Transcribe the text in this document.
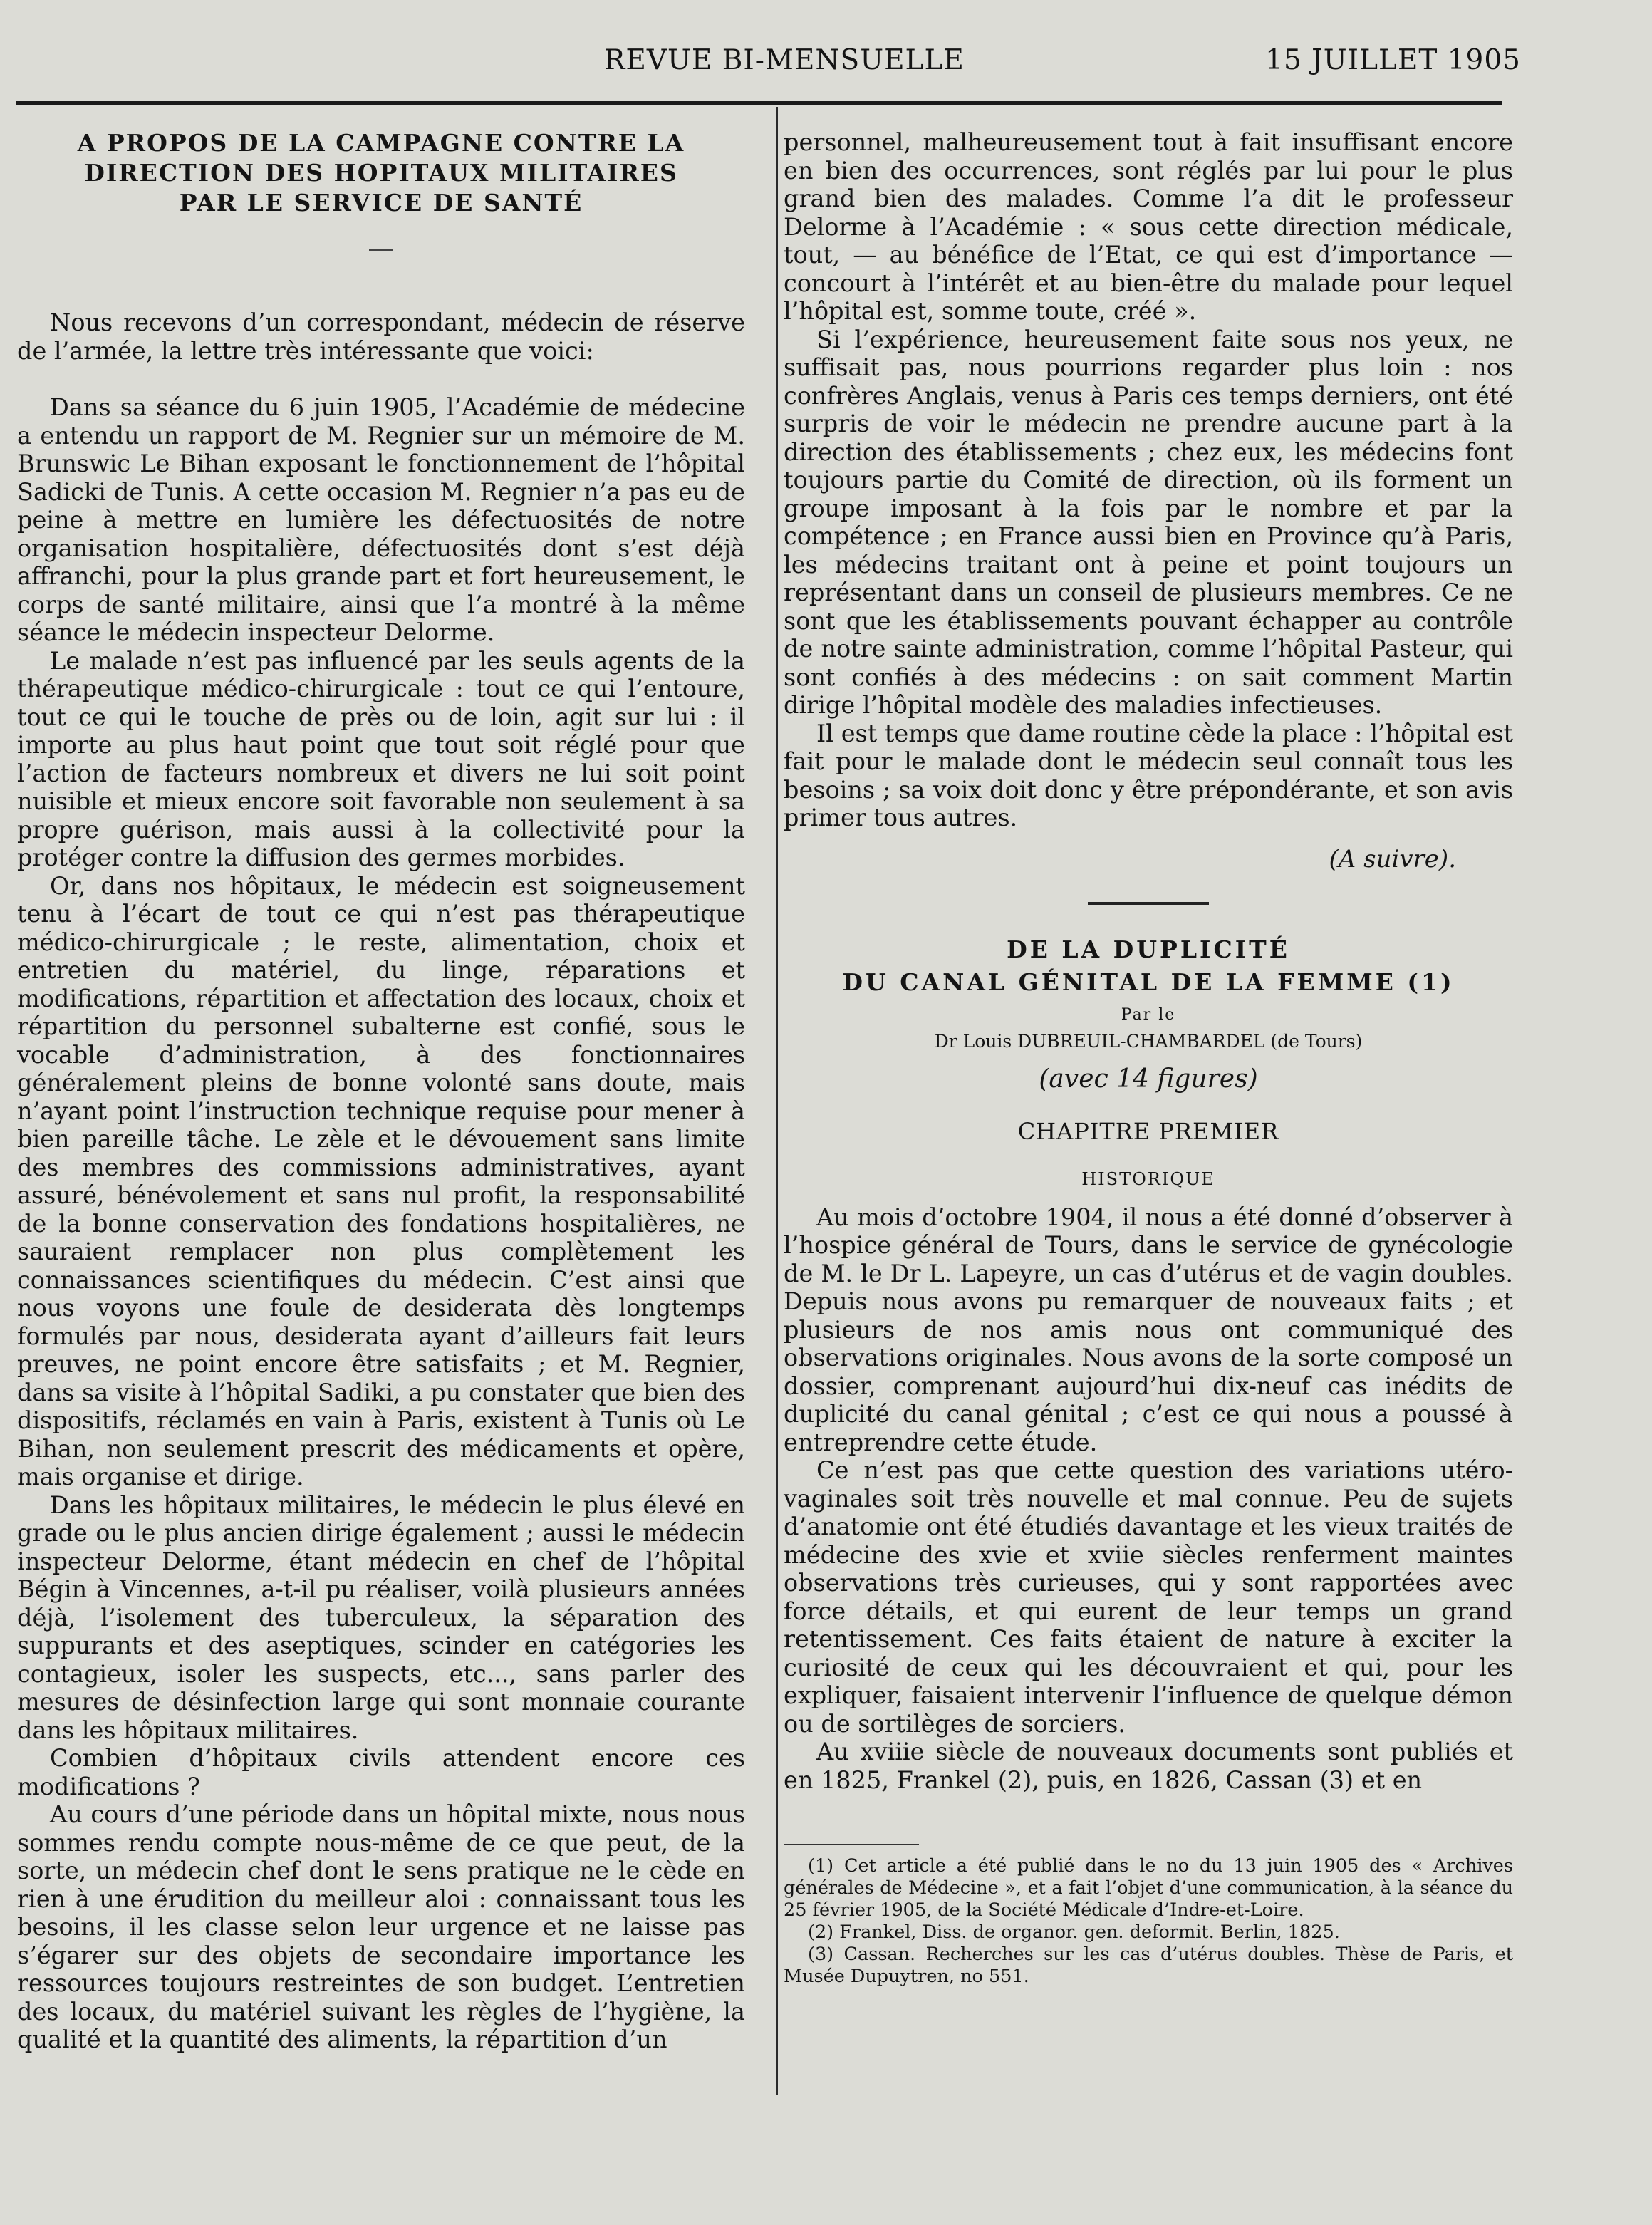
REVUE BI-MENSUELLE	15 JUILLET 1905
A PROPOS DE LA CAMPAGNE CONTRE LA
DIRECTION DES HOPITAUX MILITAIRES
PAR LE SERVICE DE SANTÉ

Nous recevons d’un correspondant, médecin de réserve de l’armée, la lettre très intéressante que voici:

Dans sa séance du 6 juin 1905, l’Académie de médecine a entendu un rapport de M. Regnier sur un mémoire de M. Brunswic Le Bihan exposant le fonctionnement de l’hôpital Sadicki de Tunis. A cette occasion M. Regnier n’a pas eu de peine à mettre en lumière les défectuosités de notre organisation hospitalière, défectuosités dont s’est déjà affranchi, pour la plus grande part et fort heureusement, le corps de santé militaire, ainsi que l’a montré à la même séance le médecin inspecteur Delorme.

Le malade n’est pas influencé par les seuls agents de la thérapeutique médico-chirurgicale : tout ce qui l’entoure, tout ce qui le touche de près ou de loin, agit sur lui : il importe au plus haut point que tout soit réglé pour que l’action de facteurs nombreux et divers ne lui soit point nuisible et mieux encore soit favorable non seulement à sa propre guérison, mais aussi à la collectivité pour la protéger contre la diffusion des germes morbides.

Or, dans nos hôpitaux, le médecin est soigneusement tenu à l’écart de tout ce qui n’est pas thérapeutique médico-chirurgicale ; le reste, alimentation, choix et entretien du matériel, du linge, réparations et modifications, répartition et affectation des locaux, choix et répartition du personnel subalterne est confié, sous le vocable d’administration, à des fonctionnaires généralement pleins de bonne volonté sans doute, mais n’ayant point l’instruction technique requise pour mener à bien pareille tâche. Le zèle et le dévouement sans limite des membres des commissions administratives, ayant assuré, bénévolement et sans nul profit, la responsabilité de la bonne conservation des fondations hospitalières, ne sauraient remplacer non plus complètement les connaissances scientifiques du médecin. C’est ainsi que nous voyons une foule de desiderata dès longtemps formulés par nous, desiderata ayant d’ailleurs fait leurs preuves, ne point encore être satisfaits ; et M. Regnier, dans sa visite à l’hôpital Sadiki, a pu constater que bien des dispositifs, réclamés en vain à Paris, existent à Tunis où Le Bihan, non seulement prescrit des médicaments et opère, mais organise et dirige.

Dans les hôpitaux militaires, le médecin le plus élevé en grade ou le plus ancien dirige également ; aussi le médecin inspecteur Delorme, étant médecin en chef de l’hôpital Bégin à Vincennes, a-t-il pu réaliser, voilà plusieurs années déjà, l’isolement des tuberculeux, la séparation des suppurants et des aseptiques, scinder en catégories les contagieux, isoler les suspects, etc..., sans parler des mesures de désinfection large qui sont monnaie courante dans les hôpitaux militaires.

Combien d’hôpitaux civils attendent encore ces modifications ?

Au cours d’une période dans un hôpital mixte, nous nous sommes rendu compte nous-même de ce que peut, de la sorte, un médecin chef dont le sens pratique ne le cède en rien à une érudition du meilleur aloi : connaissant tous les besoins, il les classe selon leur urgence et ne laisse pas s’égarer sur des objets de secondaire importance les ressources toujours restreintes de son budget. L’entretien des locaux, du matériel suivant les règles de l’hygiène, la qualité et la quantité des aliments, la répartition d’un

personnel, malheureusement tout à fait insuffisant encore en bien des occurrences, sont réglés par lui pour le plus grand bien des malades. Comme l’a dit le professeur Delorme à l’Académie : « sous cette direction médicale, tout, — au bénéfice de l’Etat, ce qui est d’importance — concourt à l’intérêt et au bien-être du malade pour lequel l’hôpital est, somme toute, créé ».

Si l’expérience, heureusement faite sous nos yeux, ne suffisait pas, nous pourrions regarder plus loin : nos confrères Anglais, venus à Paris ces temps derniers, ont été surpris de voir le médecin ne prendre aucune part à la direction des établissements ; chez eux, les médecins font toujours partie du Comité de direction, où ils forment un groupe imposant à la fois par le nombre et par la compétence ; en France aussi bien en Province qu’à Paris, les médecins traitant ont à peine et point toujours un représentant dans un conseil de plusieurs membres. Ce ne sont que les établissements pouvant échapper au contrôle de notre sainte administration, comme l’hôpital Pasteur, qui sont confiés à des médecins : on sait comment Martin dirige l’hôpital modèle des maladies infectieuses.

Il est temps que dame routine cède la place : l’hôpital est fait pour le malade dont le médecin seul connaît tous les besoins ; sa voix doit donc y être prépondérante, et son avis primer tous autres.

(A suivre).
DE LA DUPLICITÉ
DU CANAL GÉNITAL DE LA FEMME (1)
Par le
Dr Louis DUBREUIL-CHAMBARDEL (de Tours)
(avec 14 figures)
CHAPITRE PREMIER
HISTORIQUE

Au mois d’octobre 1904, il nous a été donné d’observer à l’hospice général de Tours, dans le service de gynécologie de M. le Dr L. Lapeyre, un cas d’utérus et de vagin doubles. Depuis nous avons pu remarquer de nouveaux faits ; et plusieurs de nos amis nous ont communiqué des observations originales. Nous avons de la sorte composé un dossier, comprenant aujourd’hui dix-neuf cas inédits de duplicité du canal génital ; c’est ce qui nous a poussé à entreprendre cette étude.

Ce n’est pas que cette question des variations utéro-vaginales soit très nouvelle et mal connue. Peu de sujets d’anatomie ont été étudiés davantage et les vieux traités de médecine des xvie et xviie siècles renferment maintes observations très curieuses, qui y sont rapportées avec force détails, et qui eurent de leur temps un grand retentissement. Ces faits étaient de nature à exciter la curiosité de ceux qui les découvraient et qui, pour les expliquer, faisaient intervenir l’influence de quelque démon ou de sortilèges de sorciers.

Au xviiie siècle de nouveaux documents sont publiés et en 1825, Frankel (2), puis, en 1826, Cassan (3) et en

(1) Cet article a été publié dans le no du 13 juin 1905 des « Archives générales de Médecine », et a fait l’objet d’une communication, à la séance du 25 février 1905, de la Société Médicale d’Indre-et-Loire.
(2) Frankel, Diss. de organor. gen. deformit. Berlin, 1825.
(3) Cassan. Recherches sur les cas d’utérus doubles. Thèse de Paris, et Musée Dupuytren, no 551.
